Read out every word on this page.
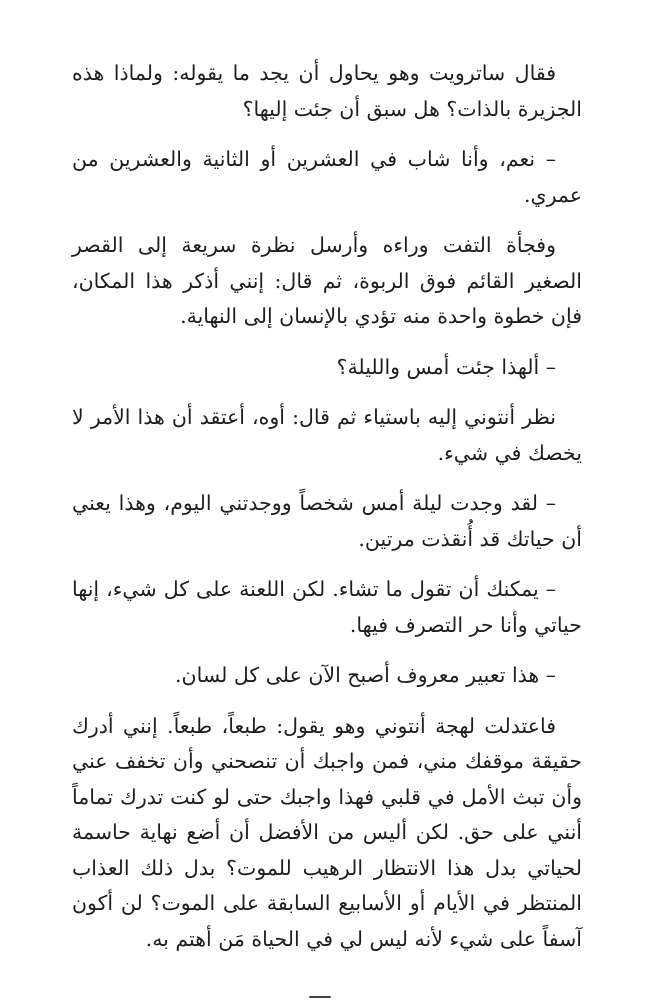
فقال ساترويت وهو يحاول أن يجد ما يقوله: ولماذا هذه الجزيرة بالذات؟ هل سبق أن جئت إليها؟

– نعم، وأنا شاب في العشرين أو الثانية والعشرين من عمري.

وفجأة التفت وراءه وأرسل نظرة سريعة إلى القصر الصغير القائم فوق الربوة، ثم قال: إنني أذكر هذا المكان، فإن خطوة واحدة منه تؤدي بالإنسان إلى النهاية.

– ألهذا جئت أمس والليلة؟

نظر أنتوني إليه باستياء ثم قال: أوه، أعتقد أن هذا الأمر لا يخصك في شيء.

– لقد وجدت ليلة أمس شخصاً ووجدتني اليوم، وهذا يعني أن حياتك قد أُنقذت مرتين.

– يمكنك أن تقول ما تشاء. لكن اللعنة على كل شيء، إنها حياتي وأنا حر التصرف فيها.

– هذا تعبير معروف أصبح الآن على كل لسان.

فاعتدلت لهجة أنتوني وهو يقول: طبعاً، طبعاً. إنني أدرك حقيقة موقفك مني، فمن واجبك أن تنصحني وأن تخفف عني وأن تبث الأمل في قلبي فهذا واجبك حتى لو كنت تدرك تماماً أنني على حق. لكن أليس من الأفضل أن أضع نهاية حاسمة لحياتي بدل هذا الانتظار الرهيب للموت؟ بدل ذلك العذاب المنتظر في الأيام أو الأسابيع السابقة على الموت؟ لن أكون آسفاً على شيء لأنه ليس لي في الحياة مَن أهتم به.
